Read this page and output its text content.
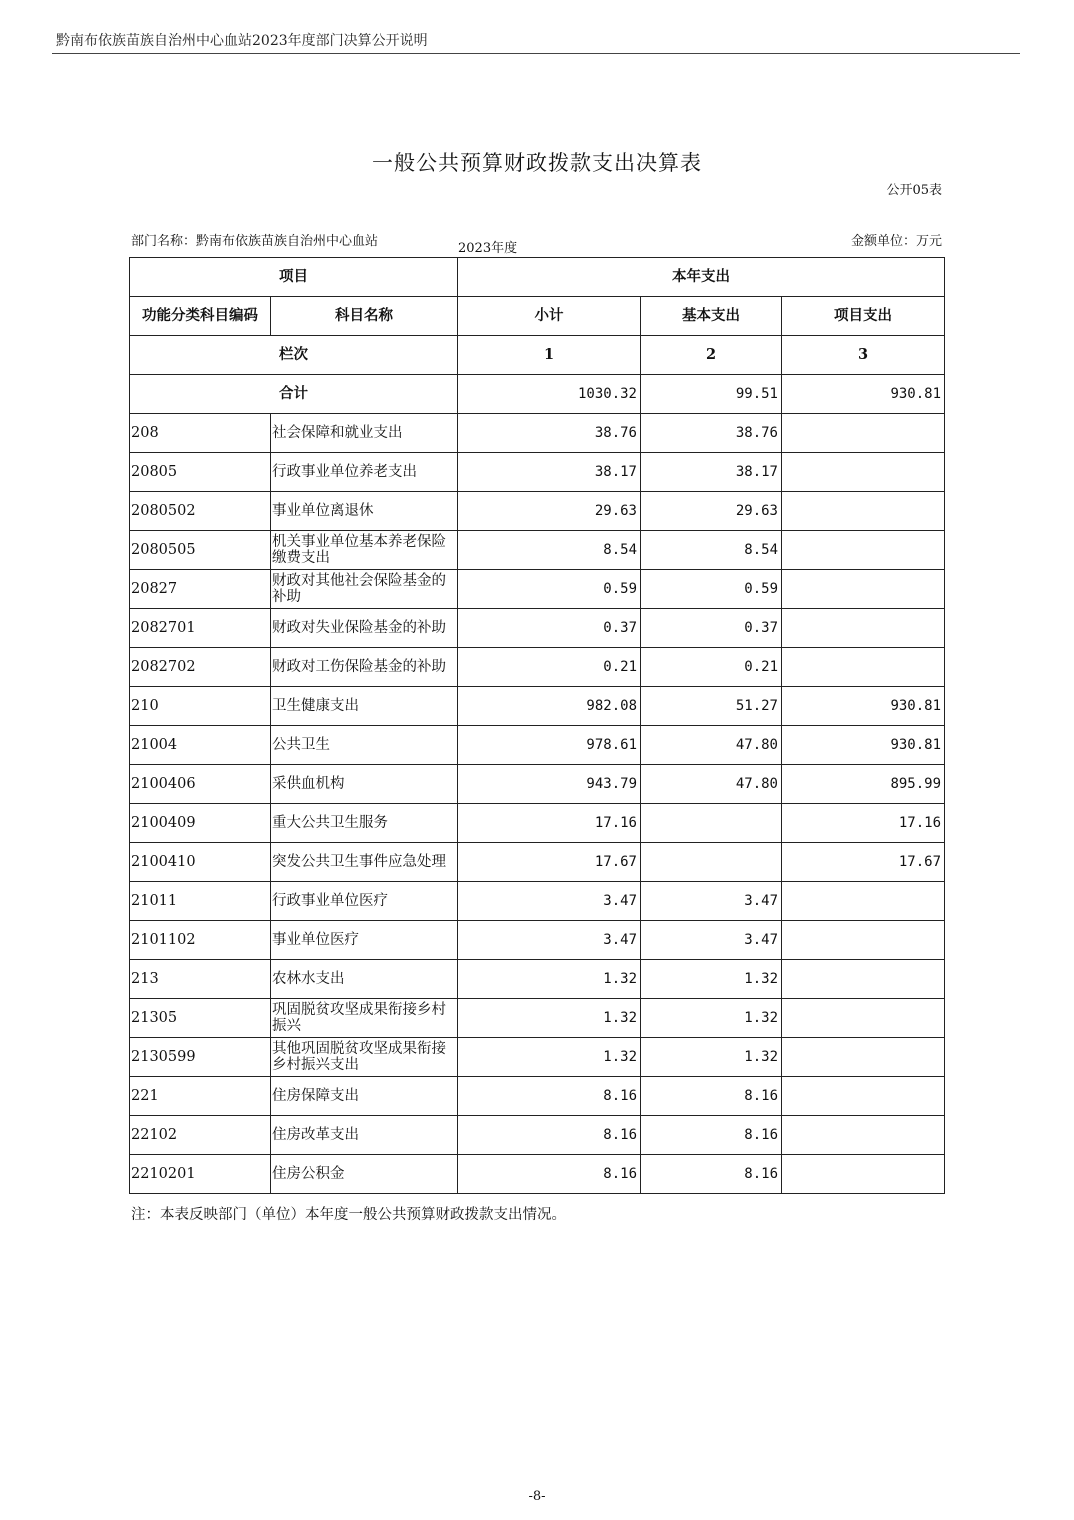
黔南布依族苗族自治州中心血站2023年度部门决算公开说明
一般公共预算财政拨款支出决算表
公开05表
部门名称：黔南布依族苗族自治州中心血站	2023年度	金额单位：万元
项目		本年支出		
功能分类科目编码	科目名称	小计	基本支出	项目支出
栏次		1	2	3
合计		1030.32	99.51	930.81
208	社会保障和就业支出	38.76	38.76	
20805	行政事业单位养老支出	38.17	38.17	
2080502	事业单位离退休	29.63	29.63	
2080505	机关事业单位基本养老保险缴费支出	8.54	8.54	
20827	财政对其他社会保险基金的补助	0.59	0.59	
2082701	财政对失业保险基金的补助	0.37	0.37	
2082702	财政对工伤保险基金的补助	0.21	0.21	
210	卫生健康支出	982.08	51.27	930.81
21004	公共卫生	978.61	47.80	930.81
2100406	采供血机构	943.79	47.80	895.99
2100409	重大公共卫生服务	17.16		17.16
2100410	突发公共卫生事件应急处理	17.67		17.67
21011	行政事业单位医疗	3.47	3.47	
2101102	事业单位医疗	3.47	3.47	
213	农林水支出	1.32	1.32	
21305	巩固脱贫攻坚成果衔接乡村振兴	1.32	1.32	
2130599	其他巩固脱贫攻坚成果衔接乡村振兴支出	1.32	1.32	
221	住房保障支出	8.16	8.16	
22102	住房改革支出	8.16	8.16	
2210201	住房公积金	8.16	8.16	
注：本表反映部门（单位）本年度一般公共预算财政拨款支出情况。
-8-
